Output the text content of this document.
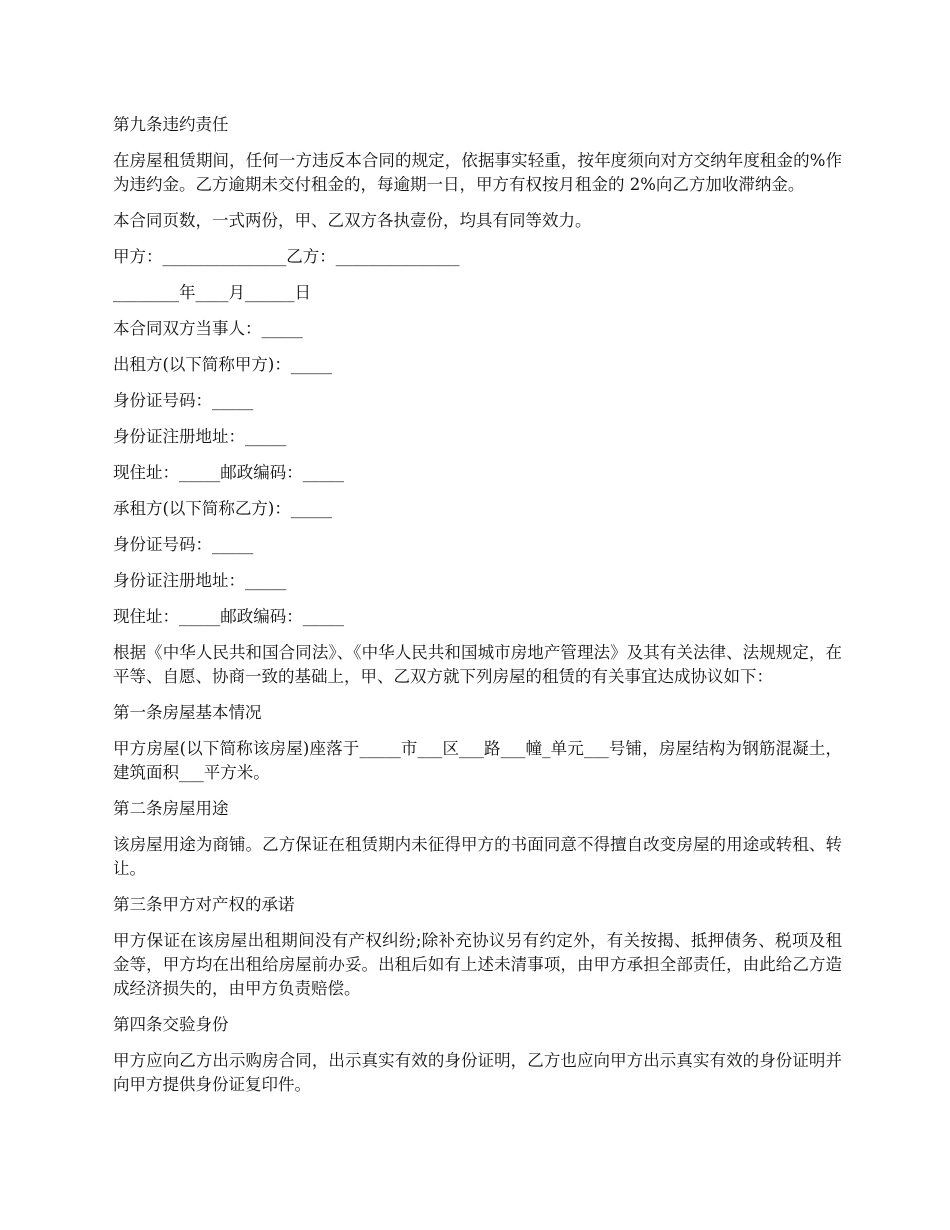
第九条违约责任

在房屋租赁期间，任何一方违反本合同的规定，依据事实轻重，按年度须向对方交纳年度租金的%作为违约金。乙方逾期未交付租金的，每逾期一日，甲方有权按月租金的 2%向乙方加收滞纳金。

本合同页数，一式两份，甲、乙双方各执壹份，均具有同等效力。

甲方：_______________乙方：_______________

________年____月______日

本合同双方当事人：_____

出租方(以下简称甲方)：_____

身份证号码：_____

身份证注册地址：_____

现住址：_____邮政编码：_____

承租方(以下简称乙方)：_____

身份证号码：_____

身份证注册地址：_____

现住址：_____邮政编码：_____

根据《中华人民共和国合同法》、《中华人民共和国城市房地产管理法》及其有关法律、法规规定，在平等、自愿、协商一致的基础上，甲、乙双方就下列房屋的租赁的有关事宜达成协议如下：

第一条房屋基本情况

甲方房屋(以下简称该房屋)座落于_____市___区___路___幢_单元___号铺，房屋结构为钢筋混凝土，建筑面积___平方米。

第二条房屋用途

该房屋用途为商铺。乙方保证在租赁期内未征得甲方的书面同意不得擅自改变房屋的用途或转租、转让。

第三条甲方对产权的承诺

甲方保证在该房屋出租期间没有产权纠纷;除补充协议另有约定外，有关按揭、抵押债务、税项及租金等，甲方均在出租给房屋前办妥。出租后如有上述未清事项，由甲方承担全部责任，由此给乙方造成经济损失的，由甲方负责赔偿。

第四条交验身份

甲方应向乙方出示购房合同，出示真实有效的身份证明，乙方也应向甲方出示真实有效的身份证明并向甲方提供身份证复印件。
